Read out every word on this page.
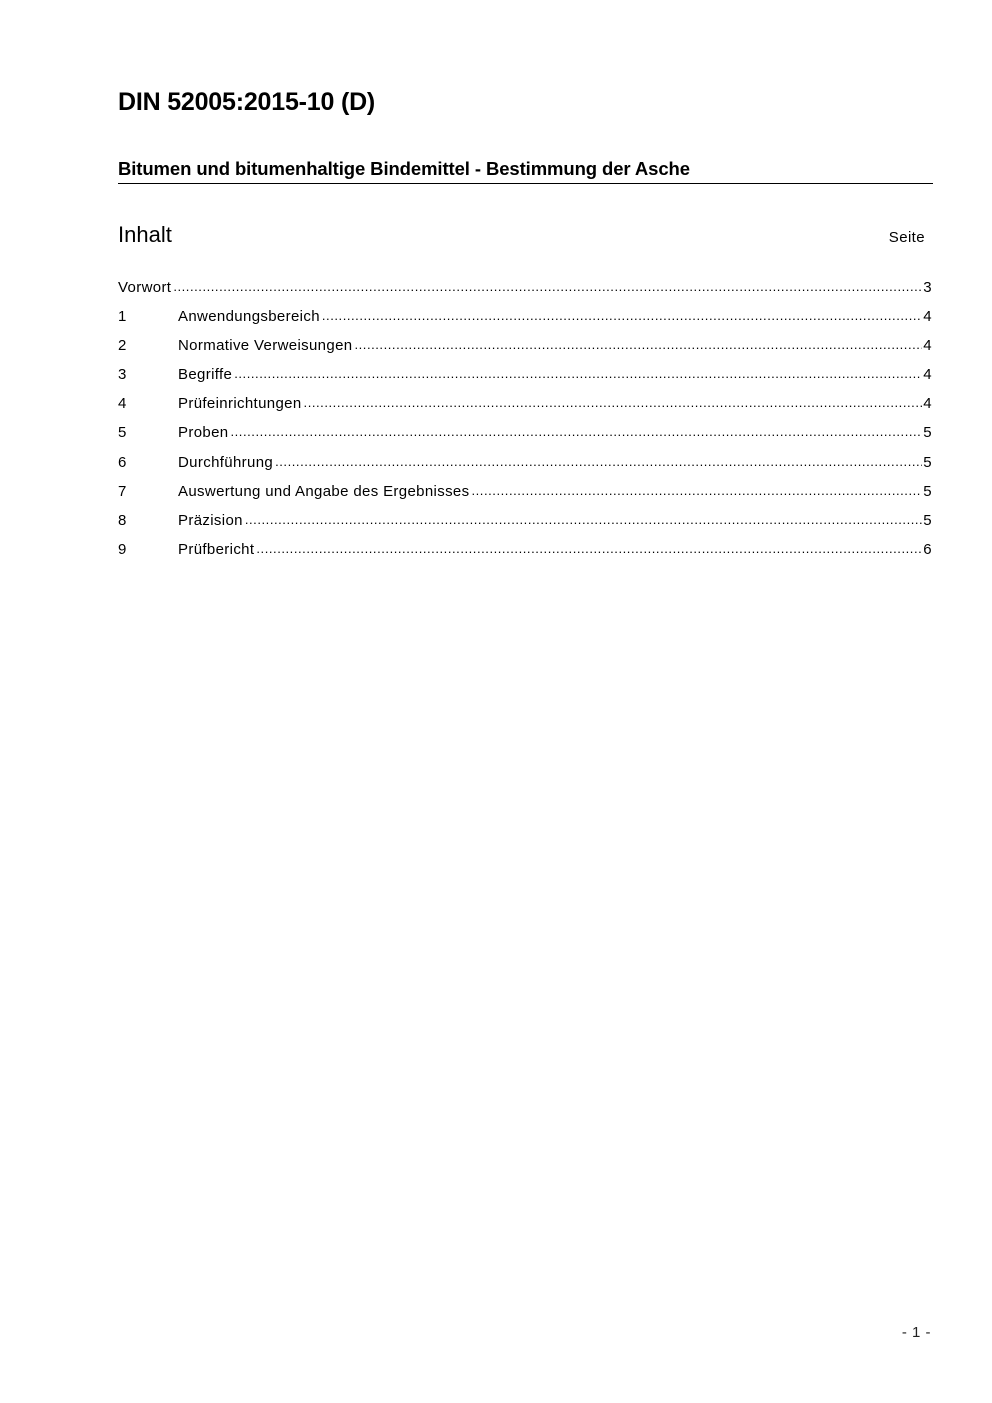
DIN 52005:2015-10 (D)
Bitumen und bitumenhaltige Bindemittel - Bestimmung der Asche
Inhalt	Seite
Vorwort .....	3
1	Anwendungsbereich .....	4
2	Normative Verweisungen .....	4
3	Begriffe .....	4
4	Prüfeinrichtungen .....	4
5	Proben .....	5
6	Durchführung .....	5
7	Auswertung und Angabe des Ergebnisses .....	5
8	Präzision .....	5
9	Prüfbericht .....	6
- 1 -
